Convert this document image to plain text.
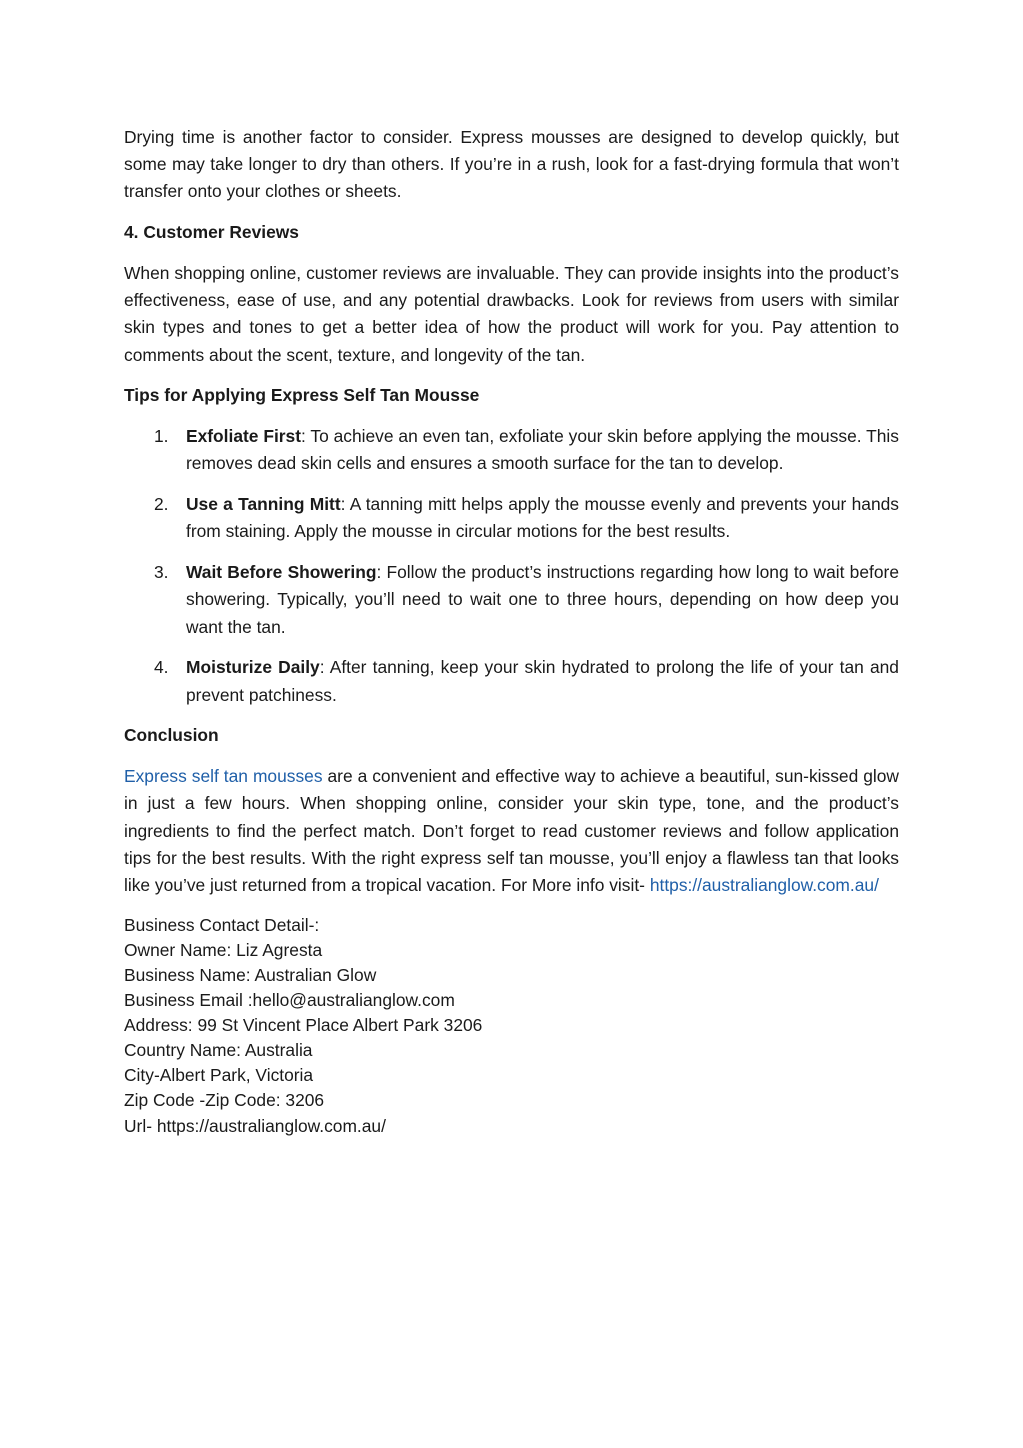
Drying time is another factor to consider. Express mousses are designed to develop quickly, but some may take longer to dry than others. If you’re in a rush, look for a fast-drying formula that won’t transfer onto your clothes or sheets.

4. Customer Reviews

When shopping online, customer reviews are invaluable. They can provide insights into the product’s effectiveness, ease of use, and any potential drawbacks. Look for reviews from users with similar skin types and tones to get a better idea of how the product will work for you. Pay attention to comments about the scent, texture, and longevity of the tan.

Tips for Applying Express Self Tan Mousse
1. Exfoliate First: To achieve an even tan, exfoliate your skin before applying the mousse. This removes dead skin cells and ensures a smooth surface for the tan to develop.
2. Use a Tanning Mitt: A tanning mitt helps apply the mousse evenly and prevents your hands from staining. Apply the mousse in circular motions for the best results.
3. Wait Before Showering: Follow the product’s instructions regarding how long to wait before showering. Typically, you’ll need to wait one to three hours, depending on how deep you want the tan.
4. Moisturize Daily: After tanning, keep your skin hydrated to prolong the life of your tan and prevent patchiness.
Conclusion

Express self tan mousses are a convenient and effective way to achieve a beautiful, sun-kissed glow in just a few hours. When shopping online, consider your skin type, tone, and the product’s ingredients to find the perfect match. Don’t forget to read customer reviews and follow application tips for the best results. With the right express self tan mousse, you’ll enjoy a flawless tan that looks like you’ve just returned from a tropical vacation. For More info visit- https://australianglow.com.au/

Business Contact Detail-:
Owner Name: Liz Agresta
Business Name: Australian Glow
Business Email :hello@australianglow.com
Address: 99 St Vincent Place Albert Park 3206
Country Name: Australia
City-Albert Park, Victoria
Zip Code -Zip Code: 3206
Url- https://australianglow.com.au/
